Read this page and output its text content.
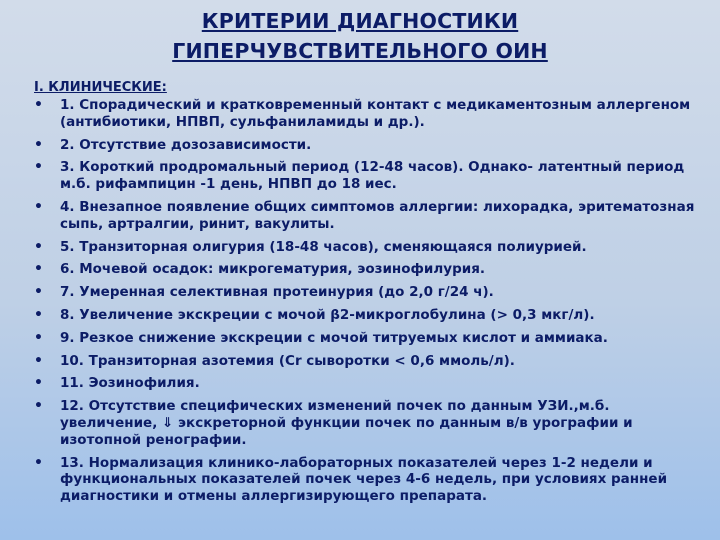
КРИТЕРИИ ДИАГНОСТИКИ
ГИПЕРЧУВСТВИТЕЛЬНОГО ОИН
I. КЛИНИЧЕСКИЕ:
• 1. Спорадический и кратковременный контакт с медикаментозным аллергеном (антибиотики, НПВП, сульфаниламиды и др.).
• 2. Отсутствие дозозависимости.
• 3. Короткий продромальный период (12-48 часов). Однако- латентный период м.б. рифампицин -1 день, НПВП до 18 иес.
• 4. Внезапное появление общих симптомов аллергии: лихорадка, эритематозная сыпь, артралгии, ринит, вакулиты.
• 5. Транзиторная олигурия (18-48 часов), сменяющаяся полиурией.
• 6. Мочевой осадок: микрогематурия, эозинофилурия.
• 7. Умеренная селективная протеинурия (до 2,0 г/24 ч).
• 8. Увеличение экскреции с мочой β2-микроглобулина (> 0,3 мкг/л).
• 9. Резкое снижение экскреции с мочой титруемых кислот и аммиака.
• 10. Транзиторная азотемия (Cr сыворотки < 0,6 ммоль/л).
• 11. Эозинофилия.
• 12. Отсутствие специфических изменений почек по данным УЗИ.,м.б. увеличение, ⇓ экскреторной функции почек по данным в/в урографии и изотопной ренографии.
• 13. Нормализация клинико-лабораторных показателей через 1-2 недели и функциональных показателей почек через 4-6 недель, при условиях ранней диагностики и отмены аллергизирующего препарата.
